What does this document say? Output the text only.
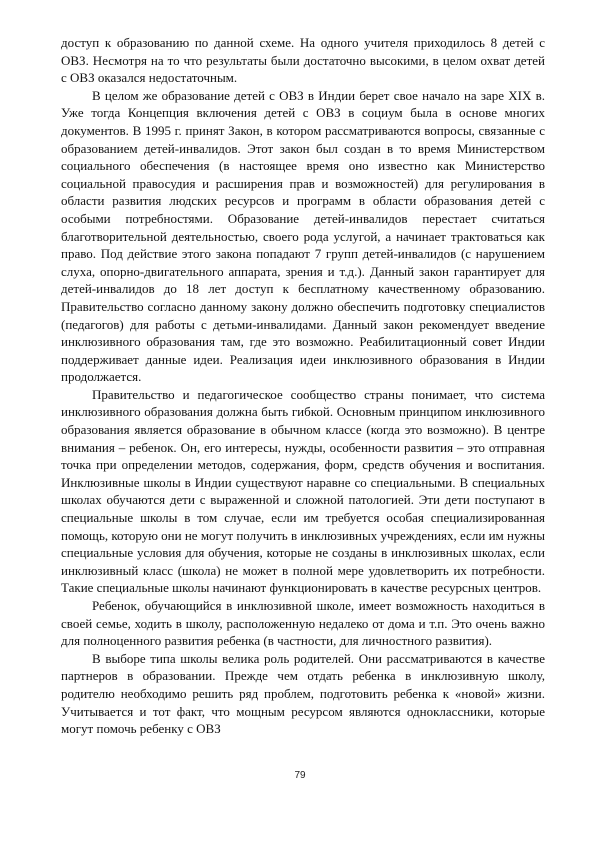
доступ к образованию по данной схеме. На одного учителя приходилось 8 детей с ОВЗ. Несмотря на то что результаты были достаточно высокими, в целом охват детей с ОВЗ оказался недостаточным.

В целом же образование детей с ОВЗ в Индии берет свое начало на заре XIX в. Уже тогда Концепция включения детей с ОВЗ в социум была в основе многих документов. В 1995 г. принят Закон, в котором рассматриваются вопросы, связанные с образованием детей-инвалидов. Этот закон был создан в то время Министерством социального обеспечения (в настоящее время оно известно как Министерство социальной правосудия и расширения прав и возможностей) для регулирования в области развития людских ресурсов и программ в области образования детей с особыми потребностями. Образование детей-инвалидов перестает считаться благотворительной деятельностью, своего рода услугой, а начинает трактоваться как право. Под действие этого закона попадают 7 групп детей-инвалидов (с нарушением слуха, опорно-двигательного аппарата, зрения и т.д.). Данный закон гарантирует для детей-инвалидов до 18 лет доступ к бесплатному качественному образованию. Правительство согласно данному закону должно обеспечить подготовку специалистов (педагогов) для работы с детьми-инвалидами. Данный закон рекомендует введение инклюзивного образования там, где это возможно. Реабилитационный совет Индии поддерживает данные идеи. Реализация идеи инклюзивного образования в Индии продолжается.

Правительство и педагогическое сообщество страны понимает, что система инклюзивного образования должна быть гибкой. Основным принципом инклюзивного образования является образование в обычном классе (когда это возможно). В центре внимания – ребенок. Он, его интересы, нужды, особенности развития – это отправная точка при определении методов, содержания, форм, средств обучения и воспитания. Инклюзивные школы в Индии существуют наравне со специальными. В специальных школах обучаются дети с выраженной и сложной патологией. Эти дети поступают в специальные школы в том случае, если им требуется особая специализированная помощь, которую они не могут получить в инклюзивных учреждениях, если им нужны специальные условия для обучения, которые не созданы в инклюзивных школах, если инклюзивный класс (школа) не может в полной мере удовлетворить их потребности. Такие специальные школы начинают функционировать в качестве ресурсных центров.

Ребенок, обучающийся в инклюзивной школе, имеет возможность находиться в своей семье, ходить в школу, расположенную недалеко от дома и т.п. Это очень важно для полноценного развития ребенка (в частности, для личностного развития).

В выборе типа школы велика роль родителей. Они рассматриваются в качестве партнеров в образовании. Прежде чем отдать ребенка в инклюзивную школу, родителю необходимо решить ряд проблем, подготовить ребенка к «новой» жизни. Учитывается и тот факт, что мощным ресурсом являются одноклассники, которые могут помочь ребенку с ОВЗ

79
